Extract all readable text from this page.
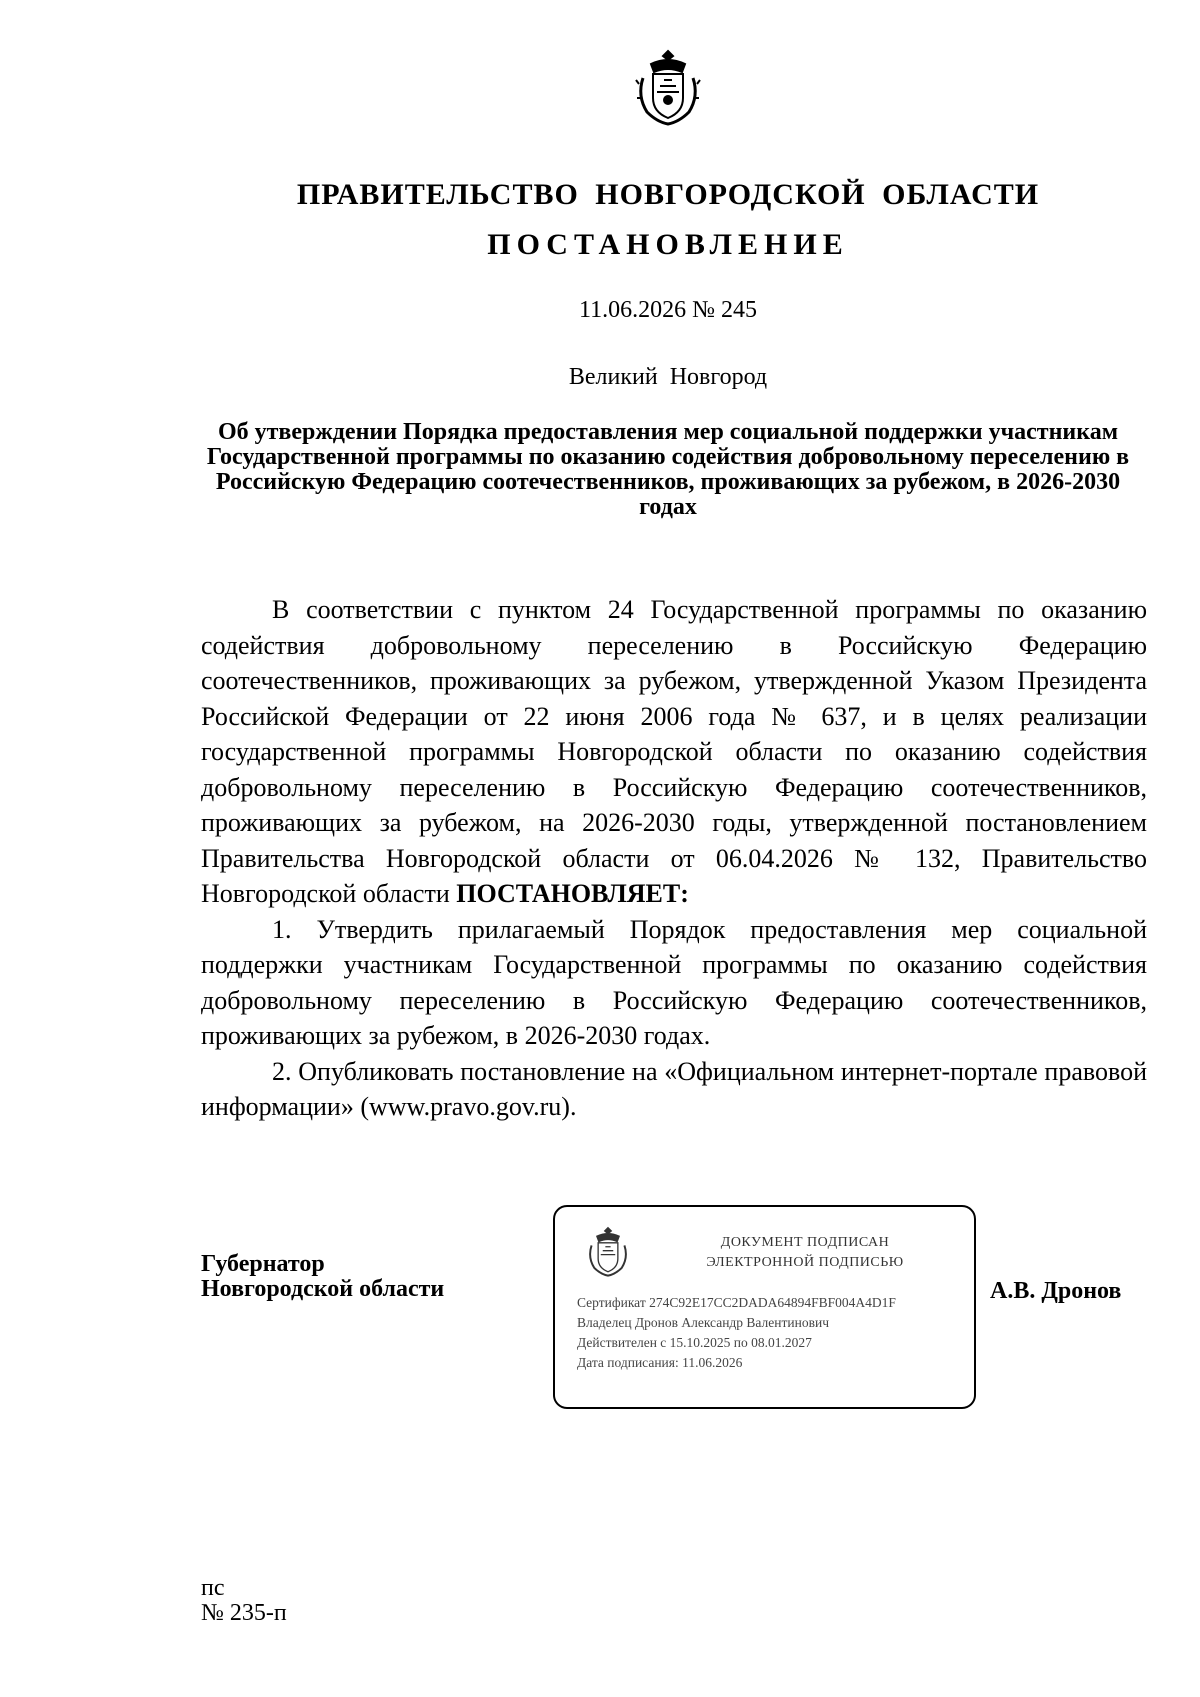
ПРАВИТЕЛЬСТВО НОВГОРОДСКОЙ ОБЛАСТИ
ПОСТАНОВЛЕНИЕ
11.06.2026 № 245
Великий Новгород
Об утверждении Порядка предоставления мер социальной поддержки участникам Государственной программы по оказанию содействия добровольному переселению в Российскую Федерацию соотечественников, проживающих за рубежом, в 2026-2030 годах

В соответствии с пунктом 24 Государственной программы по оказанию содействия добровольному переселению в Российскую Федерацию соотечественников, проживающих за рубежом, утвержденной Указом Президента Российской Федерации от 22 июня 2006 года № 637, и в целях реализации государственной программы Новгородской области по оказанию содействия добровольному переселению в Российскую Федерацию соотечественников, проживающих за рубежом, на 2026-2030 годы, утвержденной постановлением Правительства Новгородской области от 06.04.2026 № 132, Правительство Новгородской области ПОСТАНОВЛЯЕТ:

1. Утвердить прилагаемый Порядок предоставления мер социальной поддержки участникам Государственной программы по оказанию содействия добровольному переселению в Российскую Федерацию соотечественников, проживающих за рубежом, в 2026-2030 годах.

2. Опубликовать постановление на «Официальном интернет-портале правовой информации» (www.pravo.gov.ru).

Губернатор
Новгородской области
ДОКУМЕНТ ПОДПИСАН
ЭЛЕКТРОННОЙ ПОДПИСЬЮ
Сертификат 274C92E17CC2DADA64894FBF004A4D1F
Владелец Дронов Александр Валентинович
Действителен с 15.10.2025 по 08.01.2027
Дата подписания: 11.06.2026
А.В. Дронов
пс
№ 235-п
